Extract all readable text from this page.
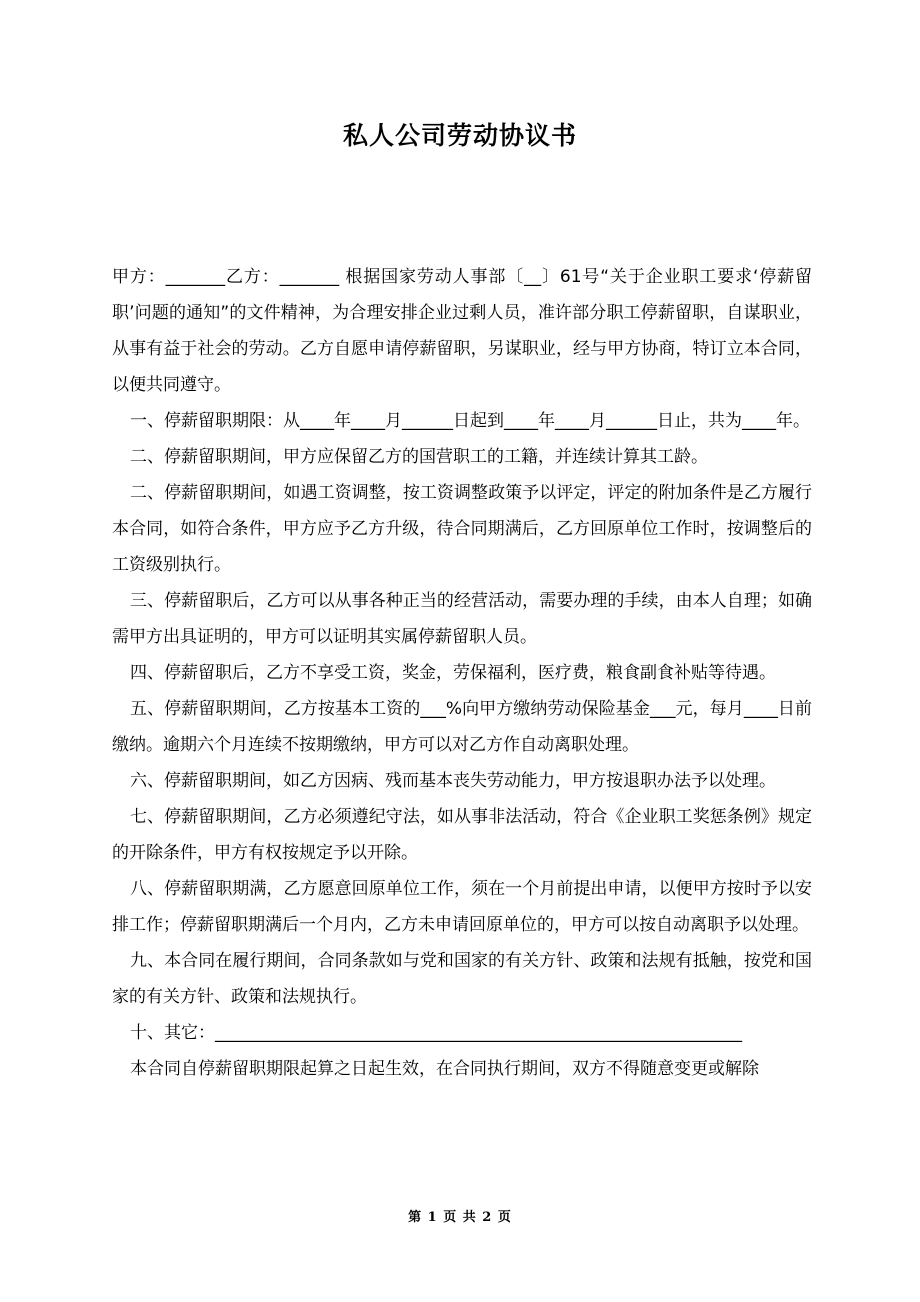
私人公司劳动协议书

甲方：_______乙方：_______ 根据国家劳动人事部〔__〕61号“关于企业职工要求‘停薪留职’问题的通知”的文件精神，为合理安排企业过剩人员，准许部分职工停薪留职，自谋职业，从事有益于社会的劳动。乙方自愿申请停薪留职，另谋职业，经与甲方协商，特订立本合同，以便共同遵守。

一、停薪留职期限：从____年____月______日起到____年____月______日止，共为____年。

二、停薪留职期间，甲方应保留乙方的国营职工的工籍，并连续计算其工龄。

二、停薪留职期间，如遇工资调整，按工资调整政策予以评定，评定的附加条件是乙方履行本合同，如符合条件，甲方应予乙方升级，待合同期满后，乙方回原单位工作时，按调整后的工资级别执行。

三、停薪留职后，乙方可以从事各种正当的经营活动，需要办理的手续，由本人自理；如确需甲方出具证明的，甲方可以证明其实属停薪留职人员。

四、停薪留职后，乙方不享受工资，奖金，劳保福利，医疗费，粮食副食补贴等待遇。

五、停薪留职期间，乙方按基本工资的___%向甲方缴纳劳动保险基金___元，每月____日前缴纳。逾期六个月连续不按期缴纳，甲方可以对乙方作自动离职处理。

六、停薪留职期间，如乙方因病、残而基本丧失劳动能力，甲方按退职办法予以处理。

七、停薪留职期间，乙方必须遵纪守法，如从事非法活动，符合《企业职工奖惩条例》规定的开除条件，甲方有权按规定予以开除。

八、停薪留职期满，乙方愿意回原单位工作，须在一个月前提出申请，以便甲方按时予以安排工作；停薪留职期满后一个月内，乙方未申请回原单位的，甲方可以按自动离职予以处理。

九、本合同在履行期间，合同条款如与党和国家的有关方针、政策和法规有抵触，按党和国家的有关方针、政策和法规执行。

十、其它：______________________________________________________________

本合同自停薪留职期限起算之日起生效，在合同执行期间，双方不得随意变更或解除

第 1 页 共 2 页
